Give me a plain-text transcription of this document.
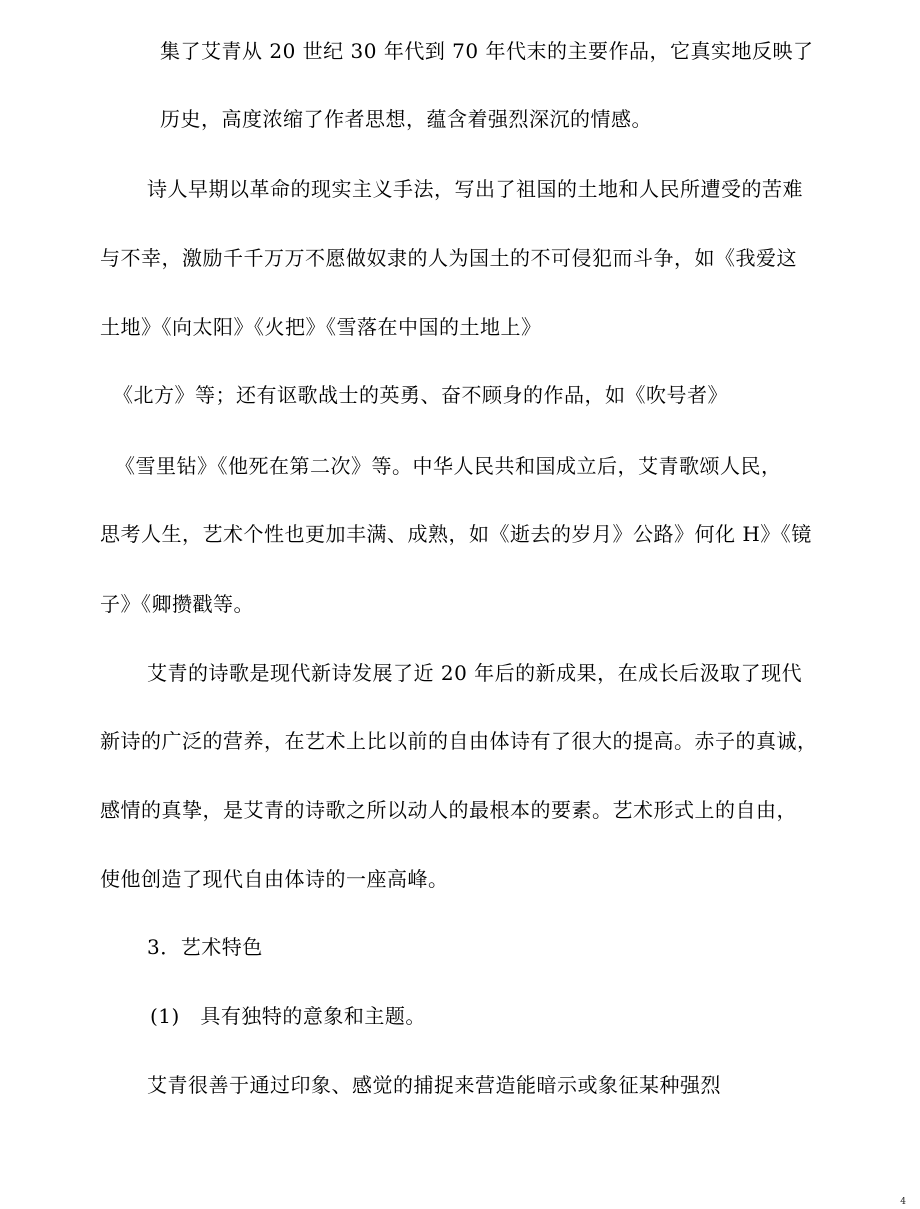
集了艾青从 20 世纪 30 年代到 70 年代末的主要作品，它真实地反映了
历史，高度浓缩了作者思想，蕴含着强烈深沉的情感。
诗人早期以革命的现实主义手法，写出了祖国的土地和人民所遭受的苦难
与不幸，激励千千万万不愿做奴隶的人为国土的不可侵犯而斗争，如《我爱这
土地》《向太阳》《火把》《雪落在中国的土地上》
《北方》等；还有讴歌战士的英勇、奋不顾身的作品，如《吹号者》
《雪里钻》《他死在第二次》等。中华人民共和国成立后，艾青歌颂人民，
思考人生，艺术个性也更加丰满、成熟，如《逝去的岁月》公路》何化 H》《镜
子》《卿攒戳等。
艾青的诗歌是现代新诗发展了近 20 年后的新成果，在成长后汲取了现代
新诗的广泛的营养，在艺术上比以前的自由体诗有了很大的提高。赤子的真诚，
感情的真挚，是艾青的诗歌之所以动人的最根本的要素。艺术形式上的自由，
使他创造了现代自由体诗的一座高峰。
3．艺术特色
(1)　具有独特的意象和主题。
艾青很善于通过印象、感觉的捕捉来营造能暗示或象征某种强烈
4
